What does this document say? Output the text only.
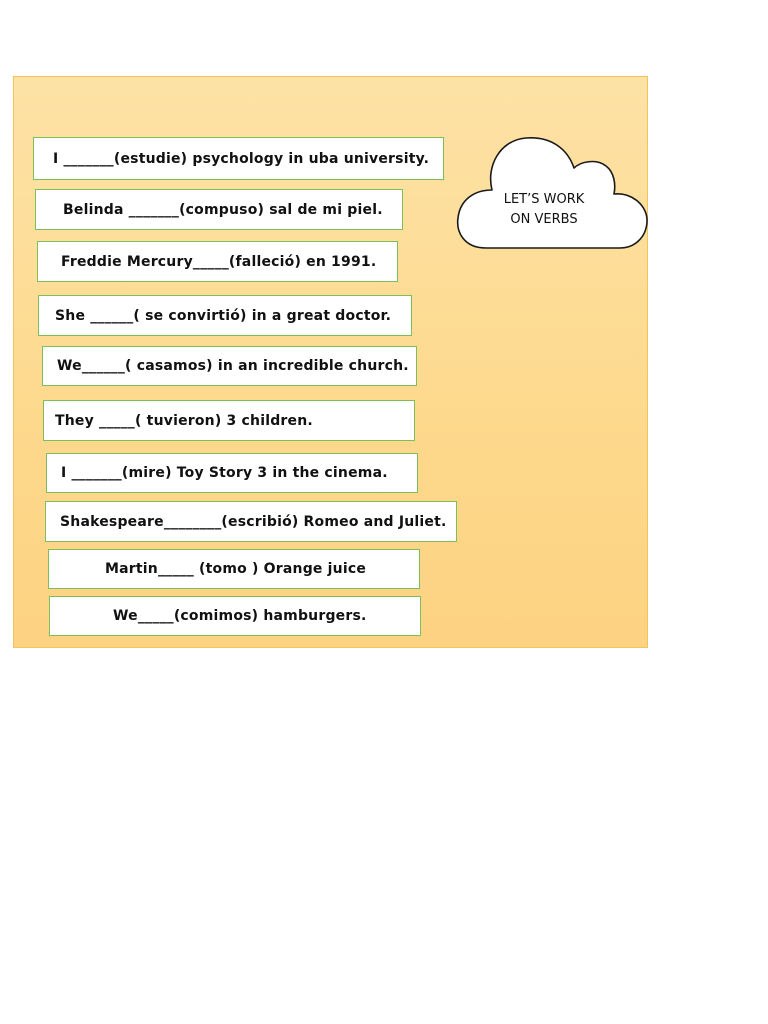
I _______(estudie) psychology in uba university.
Belinda _______(compuso) sal de mi piel.
Freddie Mercury_____(falleció) en 1991.
She ______( se convirtió) in a great doctor.
We______( casamos) in an incredible church.
They _____( tuvieron) 3 children.
I _______(mire) Toy Story 3 in the cinema.
Shakespeare________(escribió) Romeo and Juliet.
Martin_____ (tomo ) Orange juice
We_____(comimos) hamburgers.
LET’S WORK
ON VERBS
